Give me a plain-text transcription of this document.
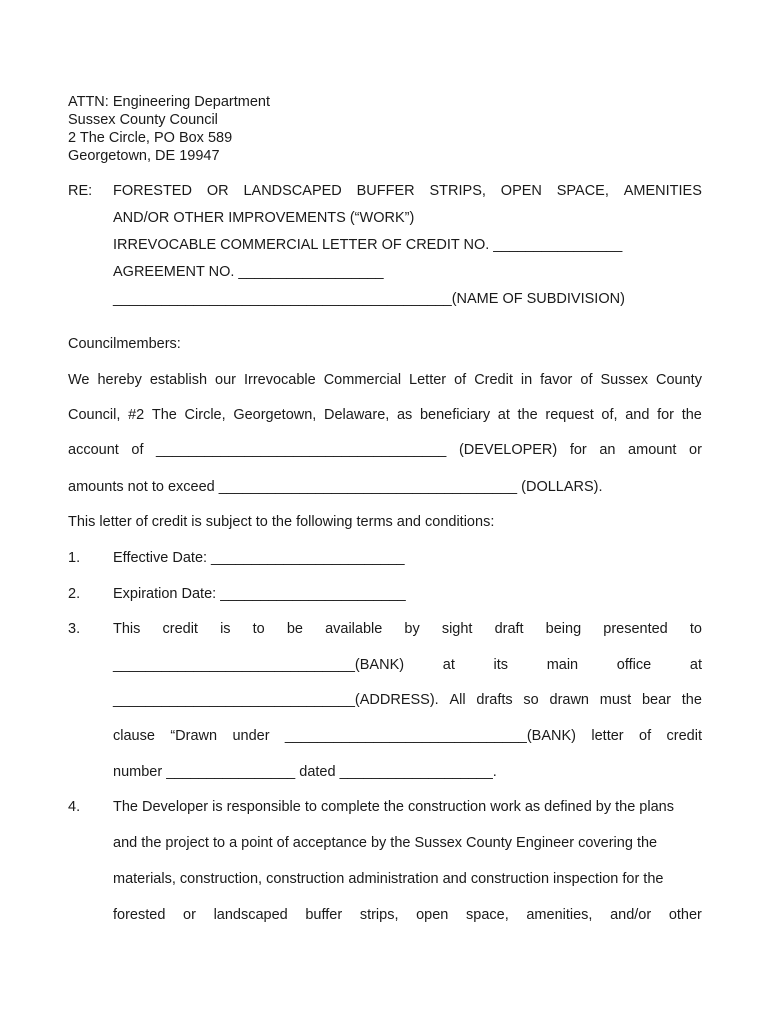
ATTN: Engineering Department
Sussex County Council
2 The Circle, PO Box 589
Georgetown, DE 19947
RE: FORESTED OR LANDSCAPED BUFFER STRIPS, OPEN SPACE, AMENITIES
AND/OR OTHER IMPROVEMENTS (“WORK”)
IRREVOCABLE COMMERCIAL LETTER OF CREDIT NO. ________________
AGREEMENT NO. __________________
__________________________________________(NAME OF SUBDIVISION)
Councilmembers:
We hereby establish our Irrevocable Commercial Letter of Credit in favor of Sussex County
Council, #2 The Circle, Georgetown, Delaware, as beneficiary at the request of, and for the
account of ____________________________________ (DEVELOPER) for an amount or
amounts not to exceed _____________________________________ (DOLLARS).
This letter of credit is subject to the following terms and conditions:
1. Effective Date: ________________________
2. Expiration Date: _______________________
3. This credit is to be available by sight draft being presented to
______________________________(BANK)	at	its	main	office	at
______________________________(ADDRESS). All drafts so drawn must bear the
clause “Drawn under ______________________________(BANK) letter of credit
number ________________ dated ___________________.
4. The Developer is responsible to complete the construction work as defined by the plans
and the project to a point of acceptance by the Sussex County Engineer covering the
materials, construction, construction administration and construction inspection for the
forested or landscaped buffer strips, open space, amenities, and/or other
